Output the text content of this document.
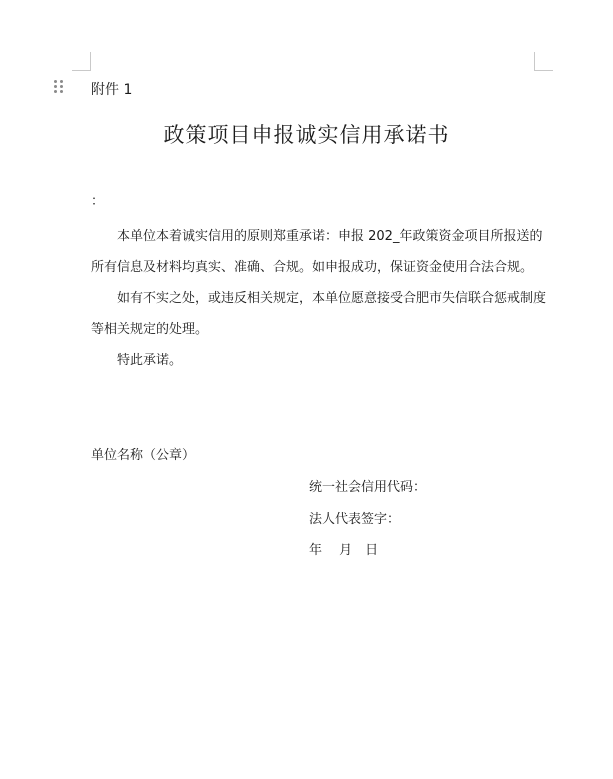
附件 1
政策项目申报诚实信用承诺书
：
本单位本着诚实信用的原则郑重承诺：申报 202_年政策资金项目所报送的
所有信息及材料均真实、准确、合规。如申报成功，保证资金使用合法合规。
如有不实之处，或违反相关规定，本单位愿意接受合肥市失信联合惩戒制度
等相关规定的处理。
特此承诺。
单位名称（公章）
统一社会信用代码：
法人代表签字：
年　 月　日
